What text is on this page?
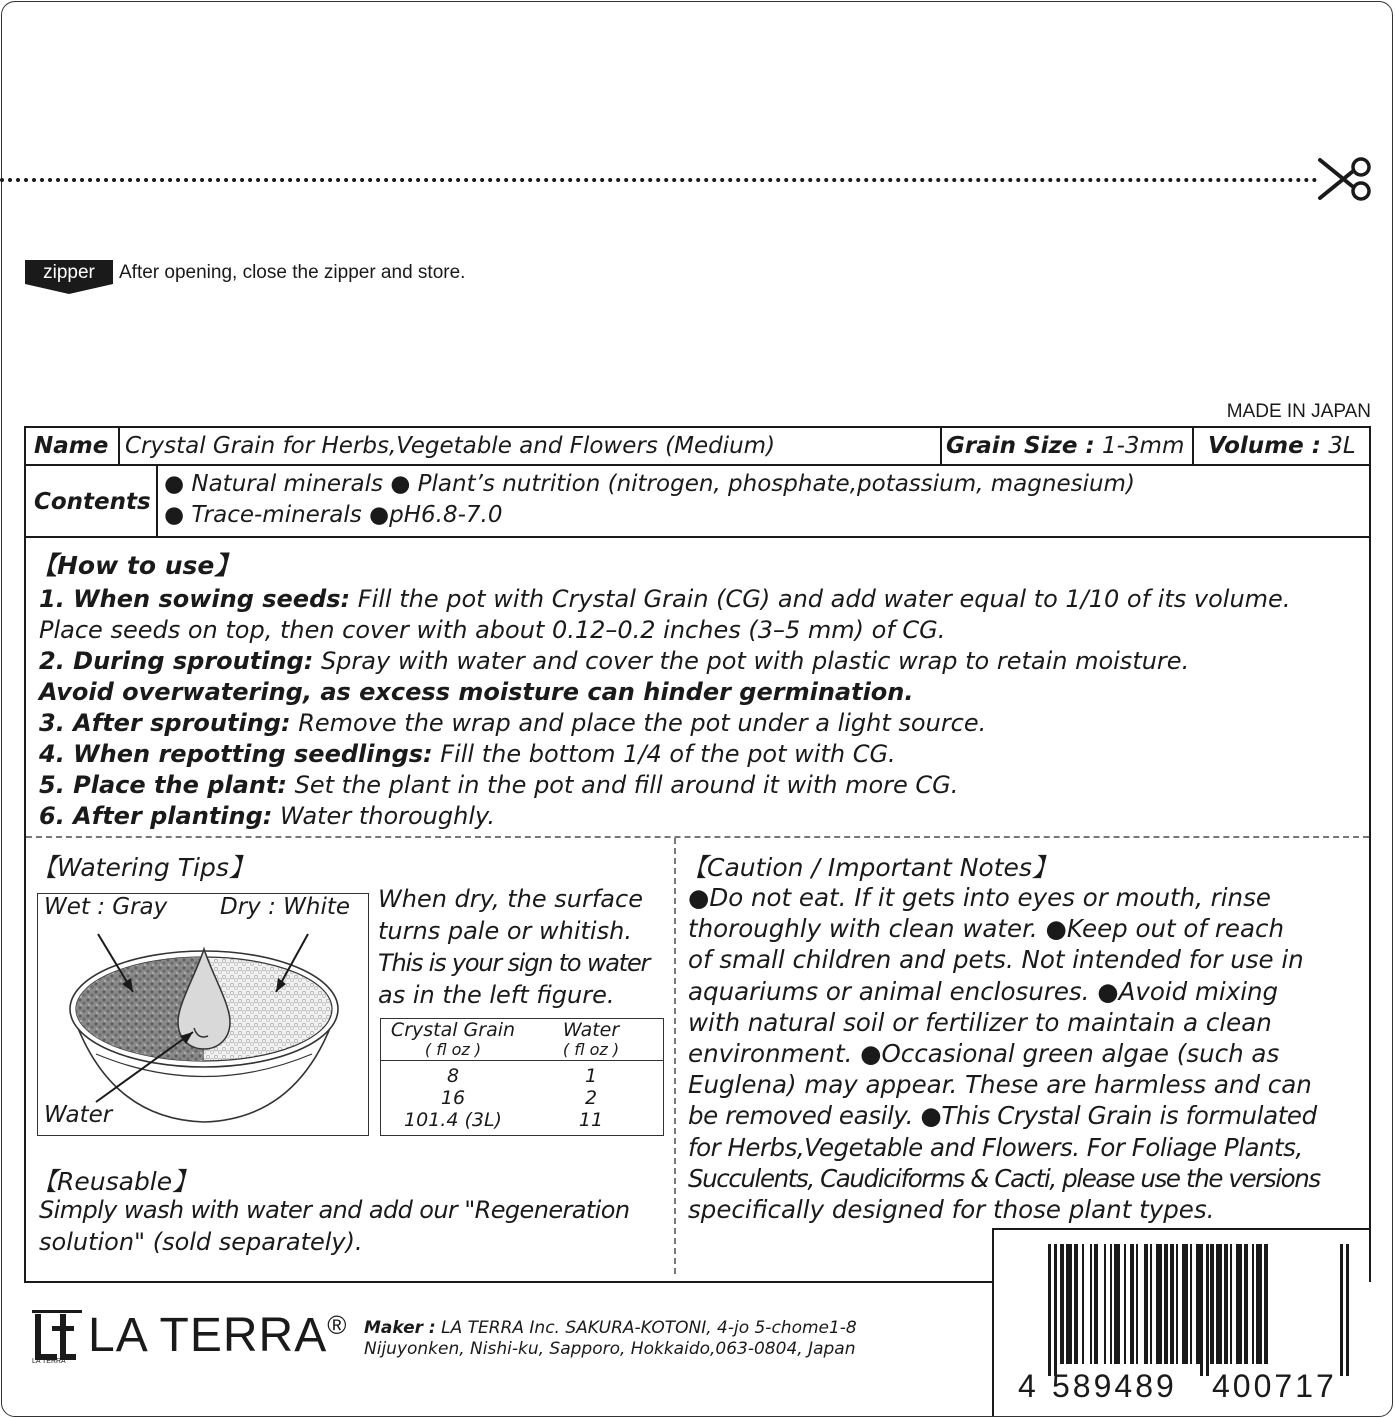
zipper	After opening, close the zipper and store.
MADE IN JAPAN
Name Crystal Grain for Herbs,Vegetable and Flowers (Medium)	Grain Size : 1-3mm Volume : 3L
Contents
● Natural minerals ● Plant’s nutrition (nitrogen, phosphate,potassium, magnesium)
● Trace-minerals ●pH6.8-7.0
【How to use】
1. When sowing seeds: Fill the pot with Crystal Grain (CG) and add water equal to 1/10 of its volume.
Place seeds on top, then cover with about 0.12–0.2 inches (3–5 mm) of CG.
2. During sprouting: Spray with water and cover the pot with plastic wrap to retain moisture.
Avoid overwatering, as excess moisture can hinder germination.
3. After sprouting: Remove the wrap and place the pot under a light source.
4. When repotting seedlings: Fill the bottom 1/4 of the pot with CG.
5. Place the plant: Set the plant in the pot and fill around it with more CG.
6. After planting: Water thoroughly.
【Watering Tips】
Wet : Gray Dry : White
Water
When dry, the surface
turns pale or whitish.
This is your sign to water
as in the left figure.
Crystal Grain
( fl oz )
Water
( fl oz )
8	1
16	2
101.4 (3L)	11
【Reusable】
Simply wash with water and add our "Regeneration
solution" (sold separately).
【Caution / Important Notes】
●Do not eat. If it gets into eyes or mouth, rinse
thoroughly with clean water. ●Keep out of reach
of small children and pets. Not intended for use in
aquariums or animal enclosures. ●Avoid mixing
with natural soil or fertilizer to maintain a clean
environment. ●Occasional green algae (such as
Euglena) may appear. These are harmless and can
be removed easily. ●This Crystal Grain is formulated
for Herbs,Vegetable and Flowers. For Foliage Plants,
Succulents, Caudiciforms & Cacti, please use the versions
specifically designed for those plant types.
LA TERRA®
LA TERRA
Maker : LA TERRA Inc. SAKURA-KOTONI, 4-jo 5-chome1-8
Nijuyonken, Nishi-ku, Sapporo, Hokkaido,063-0804, Japan
4 589489 400717
